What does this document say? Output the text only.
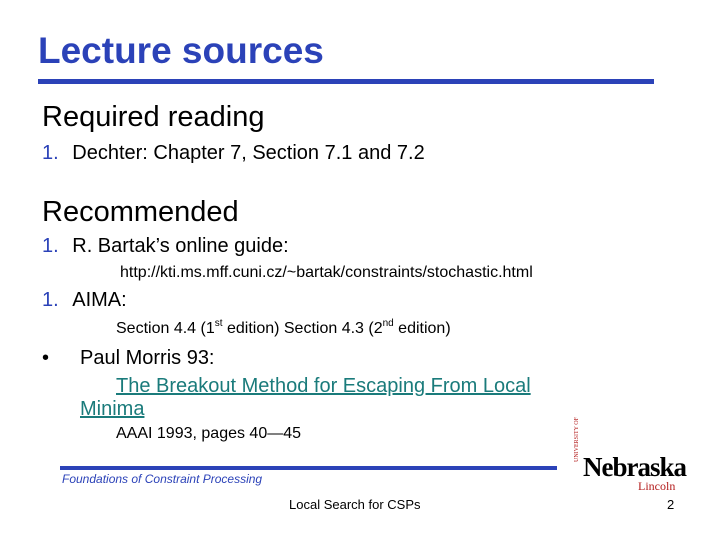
Lecture sources
Required reading
1. Dechter: Chapter 7, Section 7.1 and 7.2
Recommended
1. R. Bartak’s online guide:
http://kti.ms.mff.cuni.cz/~bartak/constraints/stochastic.html
1. AIMA:
Section 4.4 (1st edition) Section 4.3 (2nd edition)
• Paul Morris 93:
The Breakout Method for Escaping From Local
Minima
AAAI 1993, pages 40—45
Foundations of Constraint Processing
Local Search for CSPs	2
UNIVERSITY OF
Nebraska
Lincoln
